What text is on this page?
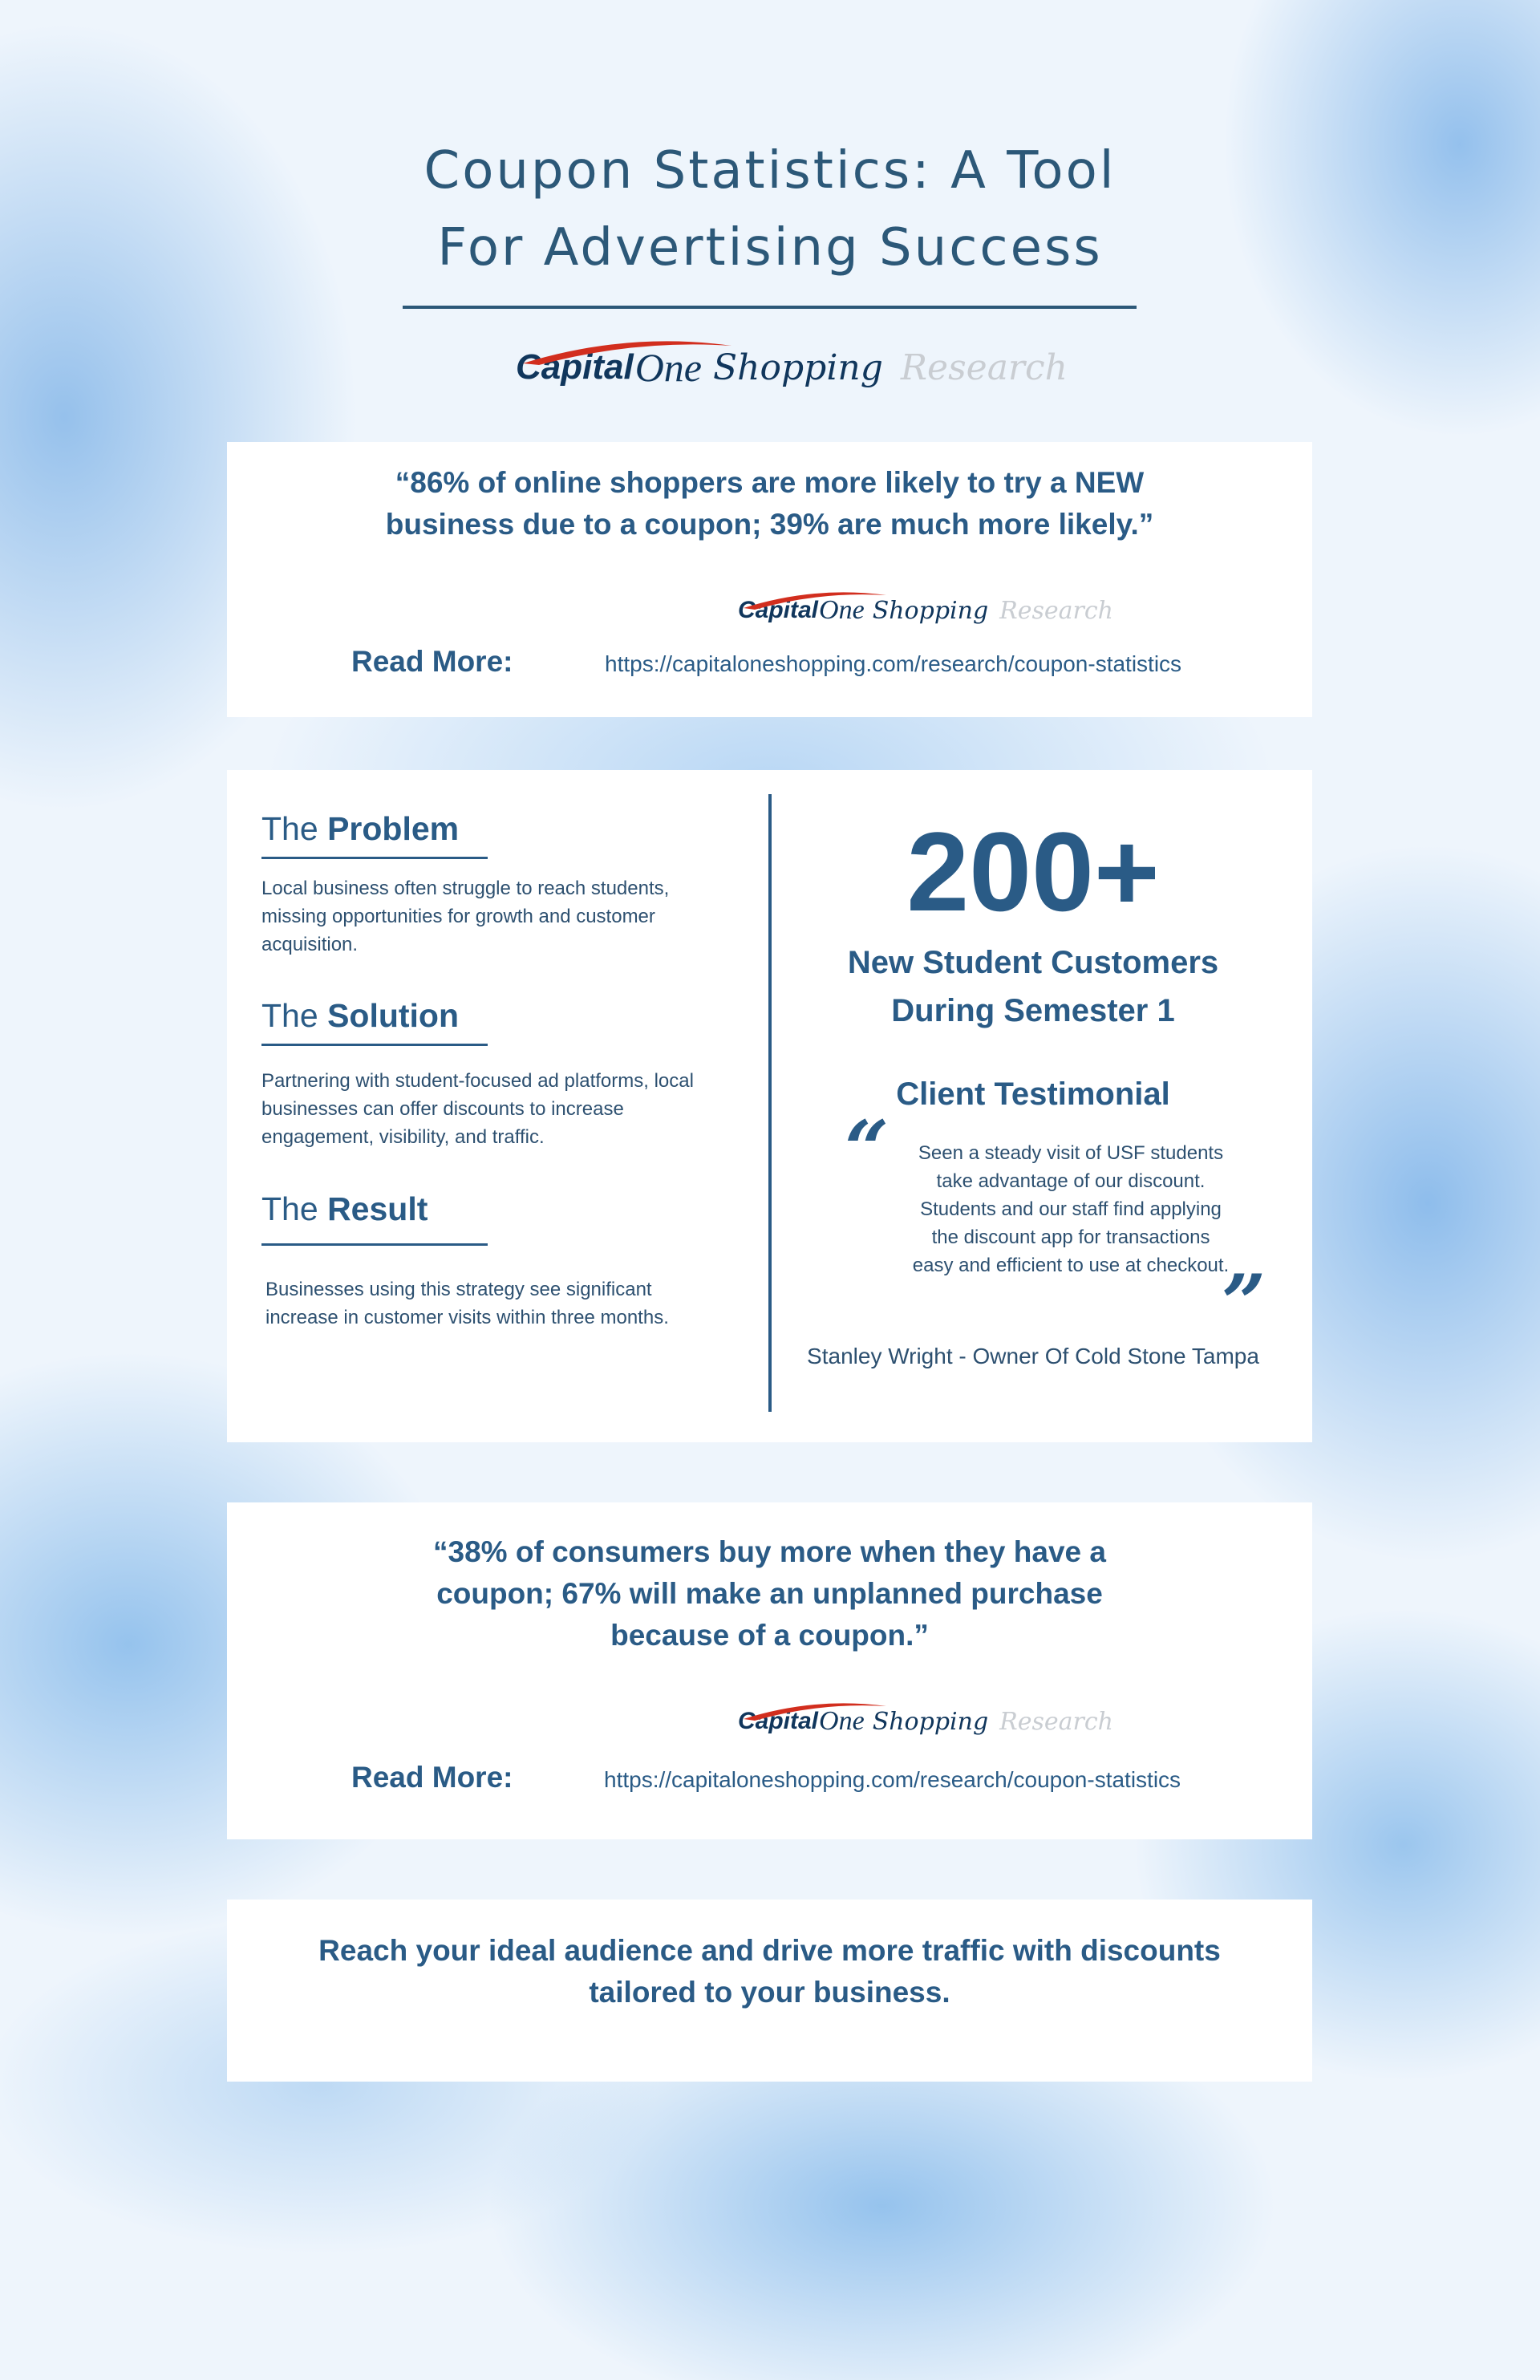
Coupon Statistics: A Tool
For Advertising Success
Capital One Shopping Research
“86% of online shoppers are more likely to try a NEW
business due to a coupon; 39% are much more likely.”
Capital One Shopping Research
Read More:	https://capitaloneshopping.com/research/coupon-statistics
The Problem
Local business often struggle to reach students, missing opportunities for growth and customer acquisition.
The Solution
Partnering with student-focused ad platforms, local businesses can offer discounts to increase engagement, visibility, and traffic.
The Result
Businesses using this strategy see significant increase in customer visits within three months.
200+
New Student Customers
During Semester 1
Client Testimonial
“	Seen a steady visit of USF students
take advantage of our discount.
Students and our staff find applying
the discount app for transactions
easy and efficient to use at checkout.
”
Stanley Wright - Owner Of Cold Stone Tampa
“38% of consumers buy more when they have a
coupon; 67% will make an unplanned purchase
because of a coupon.”
Capital One Shopping Research
Read More:	https://capitaloneshopping.com/research/coupon-statistics
Reach your ideal audience and drive more traffic with discounts
tailored to your business.
